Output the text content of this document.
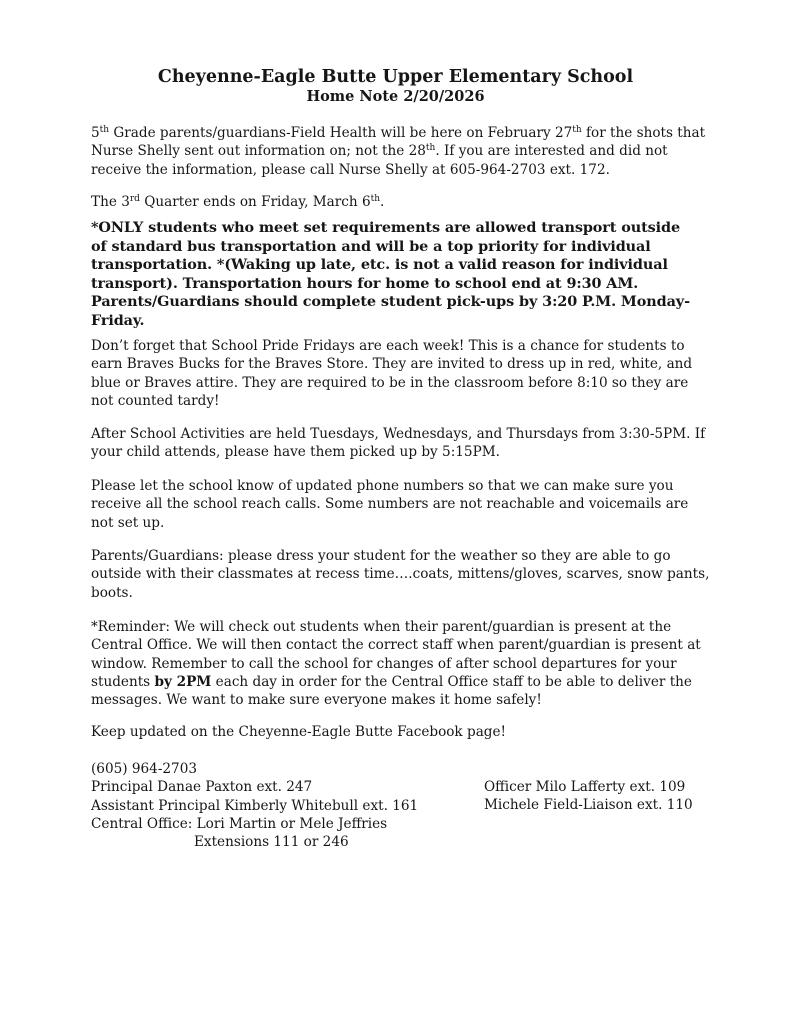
Cheyenne-Eagle Butte Upper Elementary School
Home Note 2/20/2026

5th Grade parents/guardians-Field Health will be here on February 27th for the shots that Nurse Shelly sent out information on; not the 28th. If you are interested and did not receive the information, please call Nurse Shelly at 605-964-2703 ext. 172.

The 3rd Quarter ends on Friday, March 6th.

*ONLY students who meet set requirements are allowed transport outside of standard bus transportation and will be a top priority for individual transportation. *(Waking up late, etc. is not a valid reason for individual transport). Transportation hours for home to school end at 9:30 AM. Parents/Guardians should complete student pick-ups by 3:20 P.M. Monday-Friday.

Don’t forget that School Pride Fridays are each week! This is a chance for students to earn Braves Bucks for the Braves Store. They are invited to dress up in red, white, and blue or Braves attire. They are required to be in the classroom before 8:10 so they are not counted tardy!

After School Activities are held Tuesdays, Wednesdays, and Thursdays from 3:30-5PM. If your child attends, please have them picked up by 5:15PM.

Please let the school know of updated phone numbers so that we can make sure you receive all the school reach calls. Some numbers are not reachable and voicemails are not set up.

Parents/Guardians: please dress your student for the weather so they are able to go outside with their classmates at recess time….coats, mittens/gloves, scarves, snow pants, boots.

*Reminder: We will check out students when their parent/guardian is present at the Central Office. We will then contact the correct staff when parent/guardian is present at window. Remember to call the school for changes of after school departures for your students by 2PM each day in order for the Central Office staff to be able to deliver the messages. We want to make sure everyone makes it home safely!

Keep updated on the Cheyenne-Eagle Butte Facebook page!

(605) 964-2703
Principal Danae Paxton ext. 247
Assistant Principal Kimberly Whitebull ext. 161
Central Office: Lori Martin or Mele Jeffries
Extensions 111 or 246
Officer Milo Lafferty ext. 109
Michele Field-Liaison ext. 110
